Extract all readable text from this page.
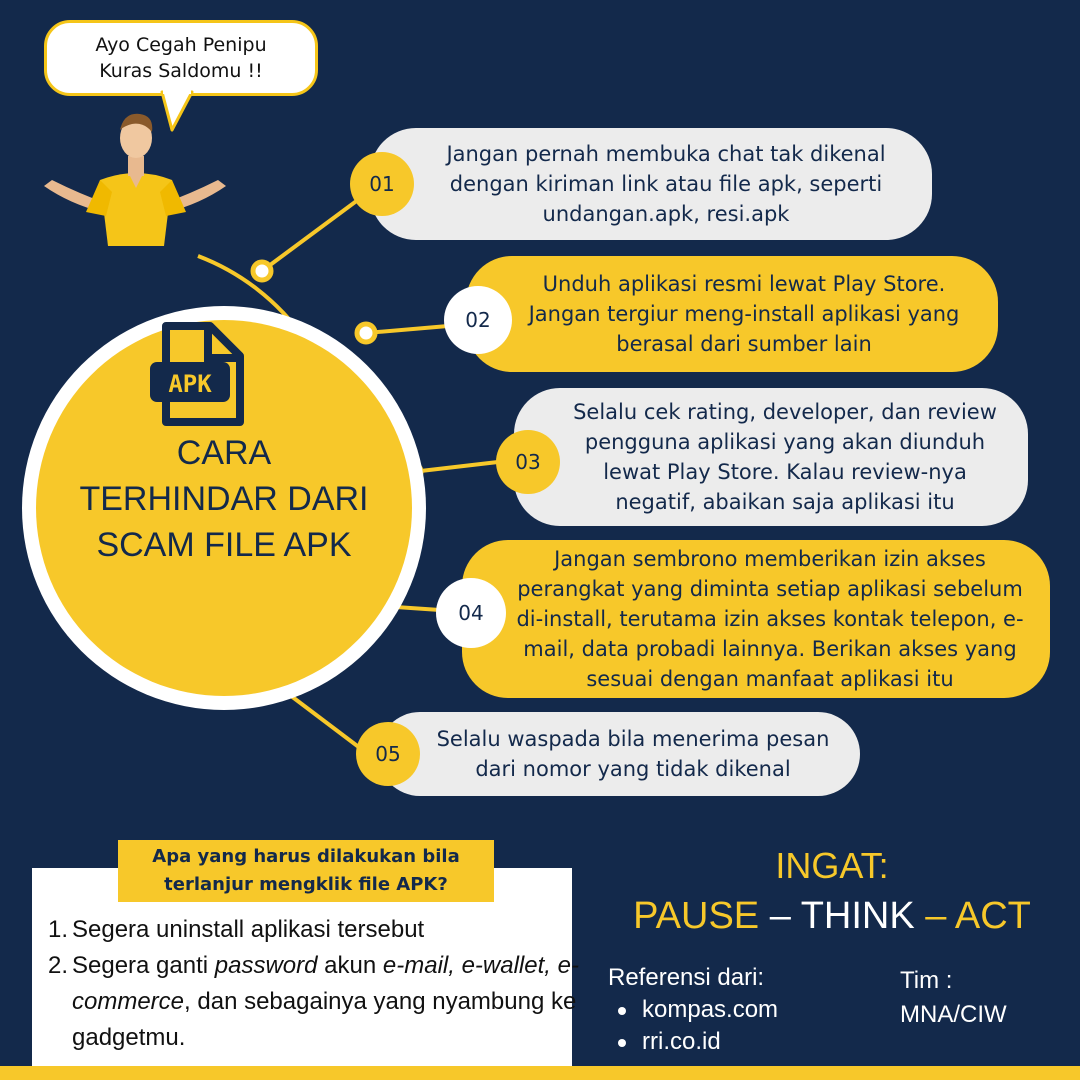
Ayo Cegah Penipu
Kuras Saldomu !!
APK
CARA
TERHINDAR DARI
SCAM FILE APK
Jangan pernah membuka chat tak dikenal dengan kiriman link atau file apk, seperti undangan.apk, resi.apk
01
Unduh aplikasi resmi lewat Play Store. Jangan tergiur meng-install aplikasi yang berasal dari sumber lain
02
Selalu cek rating, developer, dan review pengguna aplikasi yang akan diunduh lewat Play Store. Kalau review-nya negatif, abaikan saja aplikasi itu
03
Jangan sembrono memberikan izin akses perangkat yang diminta setiap aplikasi sebelum di-install, terutama izin akses kontak telepon, e-mail, data probadi lainnya. Berikan akses yang sesuai dengan manfaat aplikasi itu
04
Selalu waspada bila menerima pesan dari nomor yang tidak dikenal
05
Apa yang harus dilakukan bila terlanjur mengklik file APK?
1. Segera uninstall aplikasi tersebut
2. Segera ganti password akun e-mail, e-wallet, e-commerce, dan sebagainya yang nyambung ke gadgetmu.
INGAT:
PAUSE – THINK – ACT
Referensi dari:
kompas.com
rri.co.id
Tim :
MNA/CIW
